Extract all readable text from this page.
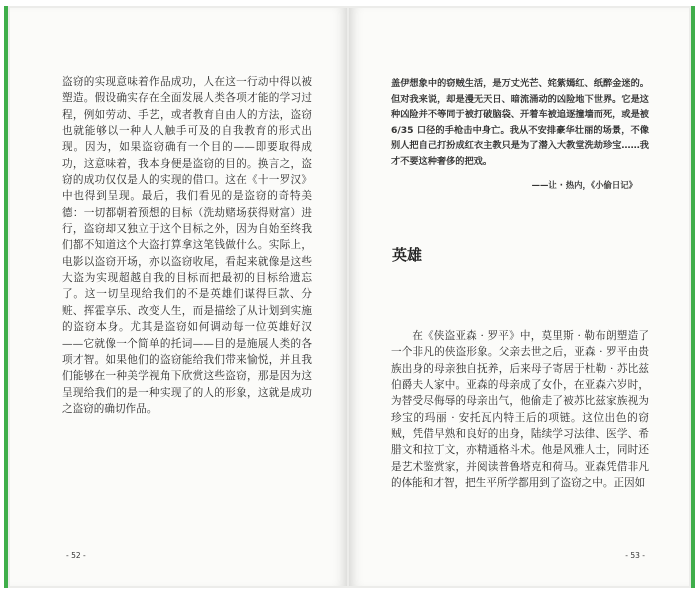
盗窃的实现意味着作品成功，人在这一行动中得以被塑造。假设确实存在全面发展人类各项才能的学习过程，例如劳动、手艺，或者教育自由人的方法，盗窃也就能够以一种人人触手可及的自我教育的形式出现。因为，如果盗窃确有一个目的——即要取得成功，这意味着，我本身便是盗窃的目的。换言之，盗窃的成功仅仅是人的实现的借口。这在《十一罗汉》中也得到呈现。最后，我们看见的是盗窃的奇特美德：一切都朝着预想的目标（洗劫赌场获得财富）进行，盗窃却又独立于这个目标之外，因为自始至终我们都不知道这个大盗打算拿这笔钱做什么。实际上，电影以盗窃开场，亦以盗窃收尾，看起来就像是这些大盗为实现超越自我的目标而把最初的目标给遗忘了。这一切呈现给我们的不是英雄们谋得巨款、分赃、挥霍享乐、改变人生，而是描绘了从计划到实施的盗窃本身。尤其是盗窃如何调动每一位英雄好汉——它就像一个简单的托词——目的是施展人类的各项才智。如果他们的盗窃能给我们带来愉悦，并且我们能够在一种美学视角下欣赏这些盗窃，那是因为这呈现给我们的是一种实现了的人的形象，这就是成功之盗窃的确切作品。
- 52 -
盖伊想象中的窃贼生活，是万丈光芒、姹紫嫣红、纸醉金迷的。但对我来说，却是漫无天日、暗流涌动的凶险地下世界。它是这种凶险并不等同于被打破脑袋、开着车被追逐撞墙而死，或是被 6/35 口径的手枪击中身亡。我从不安排豪华壮丽的场景，不像别人把自己打扮成红衣主教只是为了潜入大教堂洗劫珍宝……我才不要这种奢侈的把戏。
——让 · 热内，《小偷日记》
英雄
在《侠盗亚森 · 罗平》中，莫里斯 · 勒布朗塑造了一个非凡的侠盗形象。父亲去世之后，亚森 · 罗平由贵族出身的母亲独自抚养，后来母子寄居于杜勒 · 苏比兹伯爵夫人家中。亚森的母亲成了女仆，在亚森六岁时，为替受尽侮辱的母亲出气，他偷走了被苏比兹家族视为珍宝的玛丽 · 安托瓦内特王后的项链。这位出色的窃贼，凭借早熟和良好的出身，陆续学习法律、医学、希腊文和拉丁文，亦精通格斗术。他是风雅人士，同时还是艺术鉴赏家，并阅读普鲁塔克和荷马。亚森凭借非凡的体能和才智，把生平所学都用到了盗窃之中。正因如
- 53 -
